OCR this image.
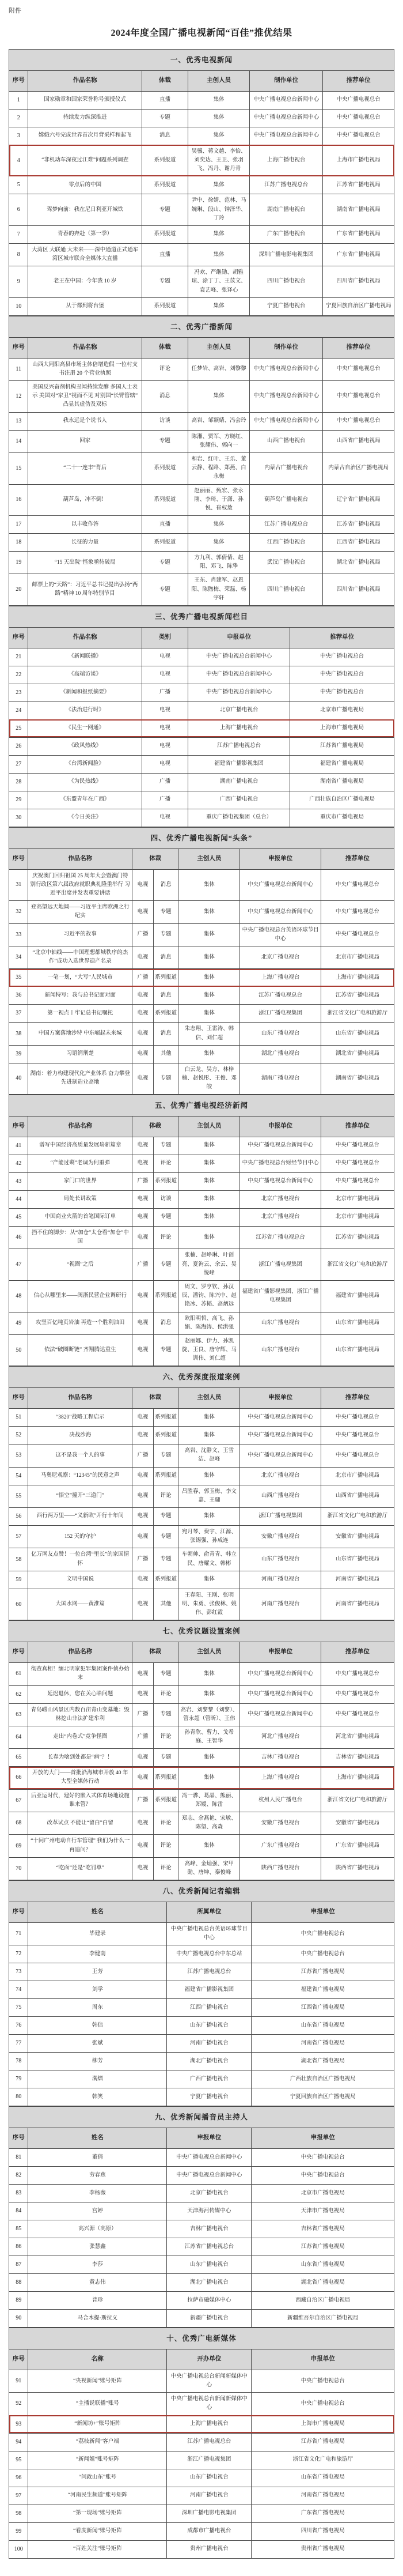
附件
2024年度全国广播电视新闻“百佳”推优结果
一、优秀电视新闻					
序号	作品名称	体裁	主创人员	制作单位	推荐单位
1	国家勋章和国家荣誉称号颁授仪式	直播	集体	中央广播电视总台新闻中心	中央广播电视总台
2	持续发力纵深推进	专题	集体	中央广播电视总台新闻中心	中央广播电视总台
3	嫦娥六号完成世界首次月背采样和起飞	消息	集体	中央广播电视总台新闻中心	中央广播电视总台
4	“非机动车深夜过江难”问题系列调查	系列报道	吴骥、蒋文越、李怡、刘奕达、王卫、张羽飞、冯丹、谢丹青	上海广播电视台	上海市广播电视局
5	零点后的中国	系列报道	集体	江苏广播电视总台	江苏省广播电视局
6	驾梦向前：我在尼日利亚开城铁	专题	尹中、徐婧、范林、马婉琳、段山、钟泽华、丁玲	湖南广播电视台	湖南省广播电视局
7	青春的奔赴（第一季）	系列报道	集体	广东广播电视台	广东省广播电视局
8	大湾区 大联通 大未来——深中通道正式通车 湾区城市联合全媒体大直播	直播	集体	深圳广播电影电视集团	广东省广播电视局
9	老王在中国：今年我 10 岁	专题	冯欢、严继勋、胡雅琼、涂丁丁、王苡文、袁艺峰、张译心	四川广播电视台	四川省广播电视局
10	从于都到将台堡	系列报道	集体	宁夏广播电视台	宁夏回族自治区广播电视局
二、优秀广播新闻					
序号	作品名称	体裁	主创人员	制作单位	推荐单位
11	山西大同阳高县市场主体倍增造假 一位村支书注册 20 个营业执照	评论	任梦岩、高岩、刘黎黎	中央广播电视总台新闻中心	中央广播电视总台
12	美国反兴奋剂机构丑闻持续发酵 多国人士表示 美国对“家丑”视而不见 对别国“长臂管辖” 凸显其虚伪及双标	消息	集体	中央广播电视总台新闻中心	中央广播电视总台
13	我永远是个说书人	访谈	高岩、邹颖婧、冯会玲	中央广播电视总台新闻中心	中央广播电视总台
14	回家	专题	陈湘、贾军、方晓红、张耀伟、郭向一	山西广播电视台	山西省广播电视局
15	“二十一连丰”背后	系列报道	和岩、红叶、王乐、董云静、程路、郑燕、白永梅	内蒙古广播电视台	内蒙古自治区广播电视局
16	葫芦岛，冲不倒！	系列报道	赵丽丽、甄宏、张永刚、李琦、于潇、孙悦、崔权敖	葫芦岛广播电视台	辽宁省广播电视局
17	以丰收作答	直播	集体	江苏广播电视总台	江苏省广播电视局
18	长征的力量	系列报道	集体	江西广播电视台	江西省广播电视局
19	“15 天出院”怪象亟待破局	专题	方九利、郭倩倩、赵阳、邓飞、陈挚	武汉广播电视台	湖北省广播电视局
20	邮票上的“天路”：习近平总书记提出弘扬“两路”精神 10 周年特别节目	专题	王东、肖建军、赵恩阳、陈煦梅、荣磊、杨宇轩	四川广播电视台	四川省广播电视局
三、优秀广播电视新闻栏目				
序号	作品名称	类别	申报单位	推荐单位
21	《新闻联播》	电视	中央广播电视总台新闻中心	中央广播电视总台
22	《高端访谈》	电视	中央广播电视总台新闻中心	中央广播电视总台
23	《新闻和报纸摘要》	广播	中央广播电视总台新闻中心	中央广播电视总台
24	《法治进行时》	电视	北京广播电视台	北京市广播电视局
25	《民生一网通》	电视	上海广播电视台	上海市广播电视局
26	《政风热线》	电视	江苏广播电视总台	江苏省广播电视局
27	《台湾新闻脸》	电视	福建省广播影视集团	福建省广播电视局
28	《为民热线》	广播	湖南广播电视台	湖南省广播电视局
29	《东盟青年在广西》	广播	广西广播电视台	广西壮族自治区广播电视局
30	《今日关注》	电视	重庆广播电视集团（总台）	重庆市广播电视局
四、优秀广播电视新闻“头条”						
序号	作品名称	体裁		主创人员	申报单位	推荐单位
31	庆祝澳门回归祖国 25 周年大会暨澳门特别行政区第六届政府就职典礼隆重举行 习近平出席并发表重要讲话	电视	消息	集体	中央广播电视总台新闻中心	中央广播电视总台
32	登高望远天地阔——习近平主席欧洲之行纪实	电视	专题	集体	中央广播电视总台新闻中心	中央广播电视总台
33	习近平的故事	广播	专题	集体	中央广播电视总台英语环球节目中心	中央广播电视总台
34	“北京中轴线——中国理想都城秩序的杰作”成功入选世界遗产名录	电视	消息	集体	北京广播电视台	北京市广播电视局
35	一笔一划，“大写”人民城市	广播	系列报道	集体	上海广播电视台	上海市广播电视局
36	新闻特写：我与总书记面对面	电视	消息	集体	江苏广播电视总台	江苏省广播电视局
37	第一视点丨牢记总书记嘱托	电视	系列报道	集体	浙江广播电视集团	浙江省文化广电和旅游厅
38	中国方案落地沙特 中东崛起未来城	电视	消息	朱志翔、王雷涛、韩信、刘仁超	山东广播电视台	山东省广播电视局
39	习语润荆楚	电视	其他	集体	湖北广播电视台	湖北省广播电视局
40	湖南：着力构建现代化产业体系 奋力攀登先进制造业高地	电视	专题	白云龙、吴方、林梓楠、赵悦彤、王俊、邓皎	湖南广播电视台	湖南省广播电视局
五、优秀广播电视经济新闻						
序号	作品名称	体裁		主创人员	申报单位	推荐单位
41	谱写中国经济高质量发展崭新篇章	电视	专题	集体	中央广播电视总台新闻中心	中央广播电视总台
42	“产能过剩”老调为何重弹	电视	评论	集体	中央广播电视总台财经节目中心	中央广播电视总台
43	家门口的世界	广播	系列报道	集体	中央广播电视总台新闻中心	中央广播电视总台
44	局处长讲政策	电视	访谈	集体	北京广播电视台	北京市广播电视局
45	中国商业火箭的首笔国际订单	电视	专题	集体	北京广播电视台	北京市广播电视局
46	挡不住的脚步：从“加仓”太仓看“加仓”中国	电视	评论	集体	江苏省广播电视总台	江苏省广播电视局
47	“视圈”之后	广播	专题	张楠、赵峥琳、叶创亮、夏洵云、余云、吴悦峰	浙江广播电视集团	浙江省文化广电和旅游厅
48	信心从哪里来——闽浙民营企业调研行	电视	系列报道	周文、罗亨钦、孙汉辰、潘钧、陈兴中、赵艳冰、苏韬、高炳远	福建省广播影视集团、浙江广播电视集团	福建省广播电视局
49	攻坚百亿吨页岩油 再造一个胜利油田	电视	消息	欧阳明哲、高飞、孙娟、陈海涛、侯洪强	山东广播电视台	山东省广播电视局
50	依法“破圈断链” 齐翔腾达重生	电视	专题	赵丽娜、伊力、孙凯旋、王良、唐守辉、马训伟、刘仁超	山东广播电视台	山东省广播电视局
六、优秀深度报道案例						
序号	作品名称	体裁		主创人员	申报单位	推荐单位
51	“3820”战略工程启示	电视	系列报道	集体	中央广播电视总台新闻中心	中央广播电视总台
52	决战沙海	电视	系列报道	集体	中央广播电视总台新闻中心	中央广播电视总台
53	这不是我一个人的事	广播	专题	高岩、沈静文、王雪洁、赵峰	中央广播电视总台新闻中心	中央广播电视总台
54	马奥尼观察：“12345”的民意之声	电视	系列报道	集体	北京广播电视台	北京市广播电视局
55	“悟空”撞开“三道门”	电视	评论	吕胜春、郭玉梅、李文嘉、王翮	山西广播电视台	山西省广播电视局
56	西行两万里——“义新欧”开行十年间	电视	专题	集体	浙江广播电视集团	浙江省文化广电和旅游厅
57	152 天的守护	电视	专题	宛月琴、费宇、江源、张锡强、孙成连	安徽广播电视台	安徽省广播电视局
58	亿万网友点赞！一位台湾“里长”的家国情怀	广播	专题	车朝帅、俞青青、韩立民、唐耀文、韩彬	山东广播电视台	山东省广播电视局
59	文明中国说	电视	系列报道	集体	河南广播电视台	河南省广播电视局
60	大国水网——黄淮篇	电视	其他	王春阳、王刚、张明明、朱勇、张俊林、姚伟、彭红霞	河南广播电视台	河南省广播电视局
七、优秀议题设置案例						
序号	作品名称	体裁		主创人员	申报单位	推荐单位
61	彻查真相！缅北明家犯罪集团案件侦办始末	电视	专题	集体	中央广播电视总台新闻中心	中央广播电视总台
62	延迟退休，您在关心啥问题	电视	评论	集体	中央广播电视总台新闻中心	中央广播电视总台
63	青岛崂山风景区内数百亩青山变墓地：毁林挖山非法扩建牟利	广播	专题	高岩、刘黎黎（刘黎）、管永超（管昕）、王伟	中央广播电视总台新闻中心	中央广播电视总台
64	走出“内卷式”竞争怪圈	广播	评论	孙青欣、曹力、戈希庭、王智华	河北广播电视台	河北省广播电视局
65	长春为啥到处都是“病”？！	电视	专题	集体	吉林广播电视台	吉林省广播电视局
66	开放的大门——首批沿海城市开放 40 年大型全媒体行动	电视	系列报道	集体	上海广播电视台	上海市广播电视局
67	后亚运时代，建好的嵌入式体育场地设施谁来管？	广播	系列报道	冯一骅、葛晶、熊丽、郑嫒、陈雷	杭州人民广播电台	浙江省文化广电和旅游厅
68	改革试点 不能让“留白”白留	电视	评论	郑志、余燕艳、宋敏、陈望、高森	安徽广播电视台	安徽省广播电视局
69	“十问广州电动自行车管理” 我们为什么一再追问？	电视	评论	集体	广东广播电视台	广东省广播电视局
70	“吃面”还是“吃罚单”	电视	评论	高峰、金灿强、宋甲勋、唐坤、秦俊峰	陕西广播电视台	陕西省广播电视局
八、优秀新闻记者编辑			
序号	姓名	所属单位	申报单位
71	毕建录	中央广播电视总台英语环球节目中心	中央广播电视总台
72	李健南	中央广播电视总台中东总站	中央广播电视总台
73	王芳	江苏广播电视总台	江苏省广播电视局
74	刘学	福建省广播影视集团	福建省广播电视局
75	周东	江西广播电视台	江西省广播电视局
76	韩信	山东广播电视台	山东省广播电视局
77	张斌	河南广播电视台	河南省广播电视局
78	柳芳	湖北广播电视台	湖北省广播电视局
79	满熠	广西广播电视台	广西壮族自治区广播电视局
80	韩笑	宁夏广播电视台	宁夏回族自治区广播电视局
九、优秀新闻播音员主持人			
序号	姓名	申报单位	申报单位
81	董倩	中央广播电视总台新闻中心	中央广播电视总台
82	劳春燕	中央广播电视总台新闻中心	中央广播电视总台
83	李杨薇	北京广播电视台	北京市广播电视局
84	宫婷	天津海河传媒中心	天津市广播电视局
85	高兴源（高原）	吉林广播电视台	吉林省广播电视局
86	张慧鑫	江苏省广播电视总台	江苏省广播电视局
87	李莎	山东广播电视台	山东省广播电视局
88	黄志伟	湖北广播电视台	湖北省广播电视局
89	普珍	拉萨市融媒体中心	西藏自治区广播电视局
90	马合木提·斯拉义	新疆广播电视台	新疆维吾尔自治区广播电视局
十、优秀广电新媒体			
序号	名称	开办单位	申报单位
91	“央视新闻”账号矩阵	中央广播电视总台新闻新媒体中心	中央广播电视总台
92	“主播说联播”账号	中央广播电视总台新闻新媒体中心	中央广播电视总台
93	“新闻坊+”账号矩阵	上海广播电视台	上海市广播电视局
94	“荔枝新闻”客户端	江苏广播电视总台	江苏省广播电视局
95	“新闻姐”账号矩阵	浙江广播电视集团	浙江省文化广电和旅游厅
96	“问政山东”账号	山东广播电视台	山东省广播电视局
97	“河南民生频道”账号矩阵	河南广播电视台	河南省广播电视局
98	“第一现场”账号矩阵	深圳广播电影电视集团	广东省广播电视局
99	“看度新闻”账号矩阵	成都市广播电视台	四川省广播电视局
100	“百姓关注”账号矩阵	贵州广播电视台	贵州省广播电视局
